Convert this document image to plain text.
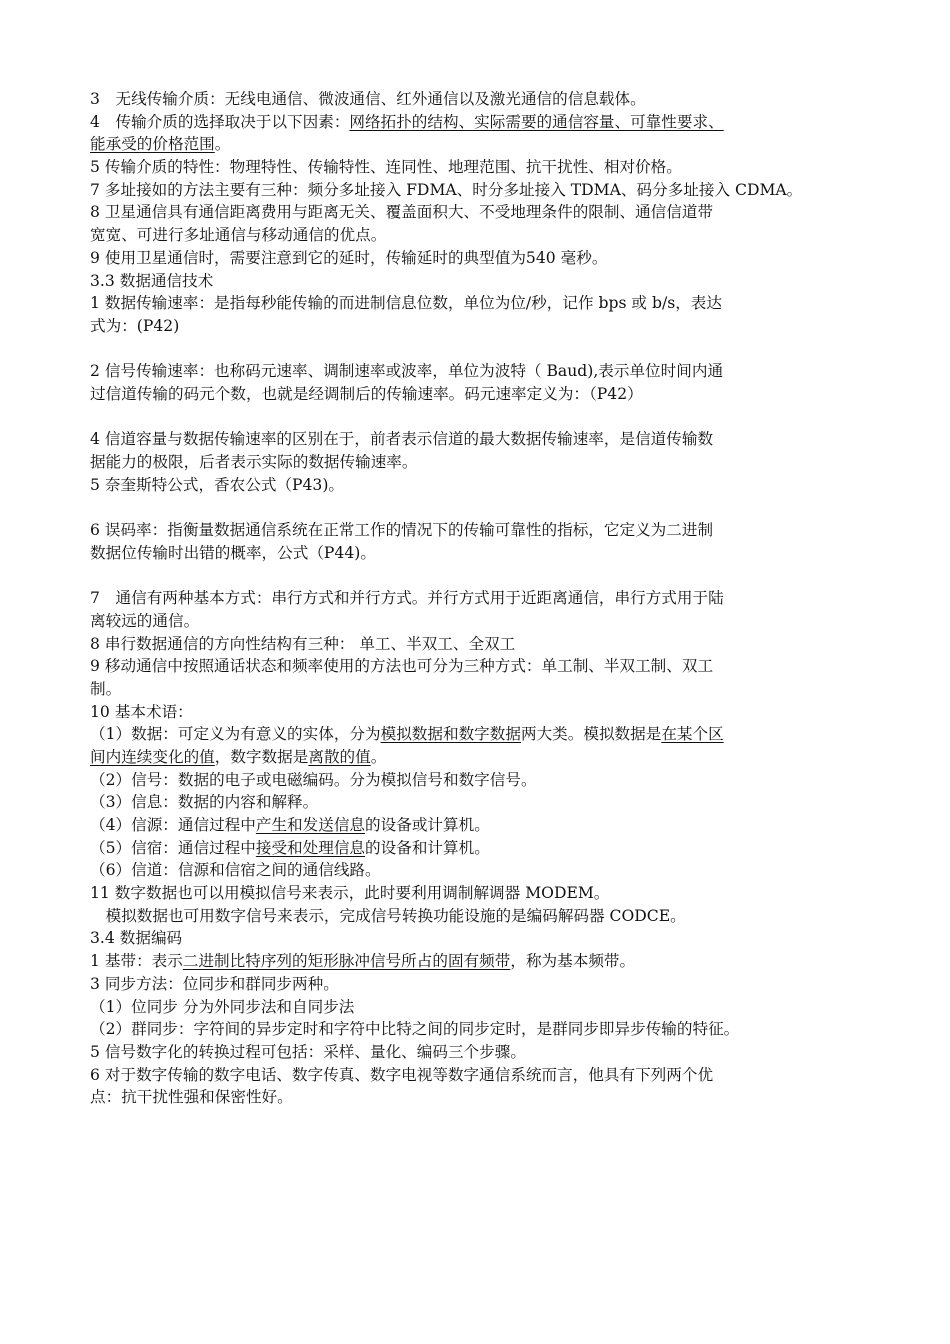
3　无线传输介质：无线电通信、微波通信、红外通信以及激光通信的信息载体。
4　传输介质的选择取决于以下因素：网络拓扑的结构、实际需要的通信容量、可靠性要求、
能承受的价格范围。
5 传输介质的特性：物理特性、传输特性、连同性、地理范围、抗干扰性、相对价格。
7 多址接如的方法主要有三种：频分多址接入 FDMA、时分多址接入 TDMA、码分多址接入 CDMA。
8 卫星通信具有通信距离费用与距离无关、覆盖面积大、不受地理条件的限制、通信信道带
宽宽、可进行多址通信与移动通信的优点。
9 使用卫星通信时，需要注意到它的延时，传输延时的典型值为540 毫秒。
3.3 数据通信技术
1 数据传输速率：是指每秒能传输的而进制信息位数，单位为位/秒，记作 bps 或 b/s，表达
式为：(P42)
2 信号传输速率：也称码元速率、调制速率或波率，单位为波特（ Baud),表示单位时间内通
过信道传输的码元个数，也就是经调制后的传输速率。码元速率定义为：（P42）
4 信道容量与数据传输速率的区别在于，前者表示信道的最大数据传输速率，是信道传输数
据能力的极限，后者表示实际的数据传输速率。
5 奈奎斯特公式，香农公式（P43)。
6 误码率：指衡量数据通信系统在正常工作的情况下的传输可靠性的指标，它定义为二进制
数据位传输时出错的概率，公式（P44)。
7　通信有两种基本方式：串行方式和并行方式。并行方式用于近距离通信，串行方式用于陆
离较远的通信。
8 串行数据通信的方向性结构有三种： 单工、半双工、全双工
9 移动通信中按照通话状态和频率使用的方法也可分为三种方式：单工制、半双工制、双工
制。
10 基本术语：
（1）数据：可定义为有意义的实体，分为模拟数据和数字数据两大类。模拟数据是在某个区
间内连续变化的值，数字数据是离散的值。
（2）信号：数据的电子或电磁编码。分为模拟信号和数字信号。
（3）信息：数据的内容和解释。
（4）信源：通信过程中产生和发送信息的设备或计算机。
（5）信宿：通信过程中接受和处理信息的设备和计算机。
（6）信道：信源和信宿之间的通信线路。
11 数字数据也可以用模拟信号来表示，此时要利用调制解调器 MODEM。
　模拟数据也可用数字信号来表示，完成信号转换功能设施的是编码解码器 CODCE。
3.4 数据编码
1 基带：表示二进制比特序列的矩形脉冲信号所占的固有频带，称为基本频带。
3 同步方法：位同步和群同步两种。
（1）位同步 分为外同步法和自同步法
（2）群同步：字符间的异步定时和字符中比特之间的同步定时，是群同步即异步传输的特征。
5 信号数字化的转换过程可包括：采样、量化、编码三个步骤。
6 对于数字传输的数字电话、数字传真、数字电视等数字通信系统而言，他具有下列两个优
点：抗干扰性强和保密性好。
